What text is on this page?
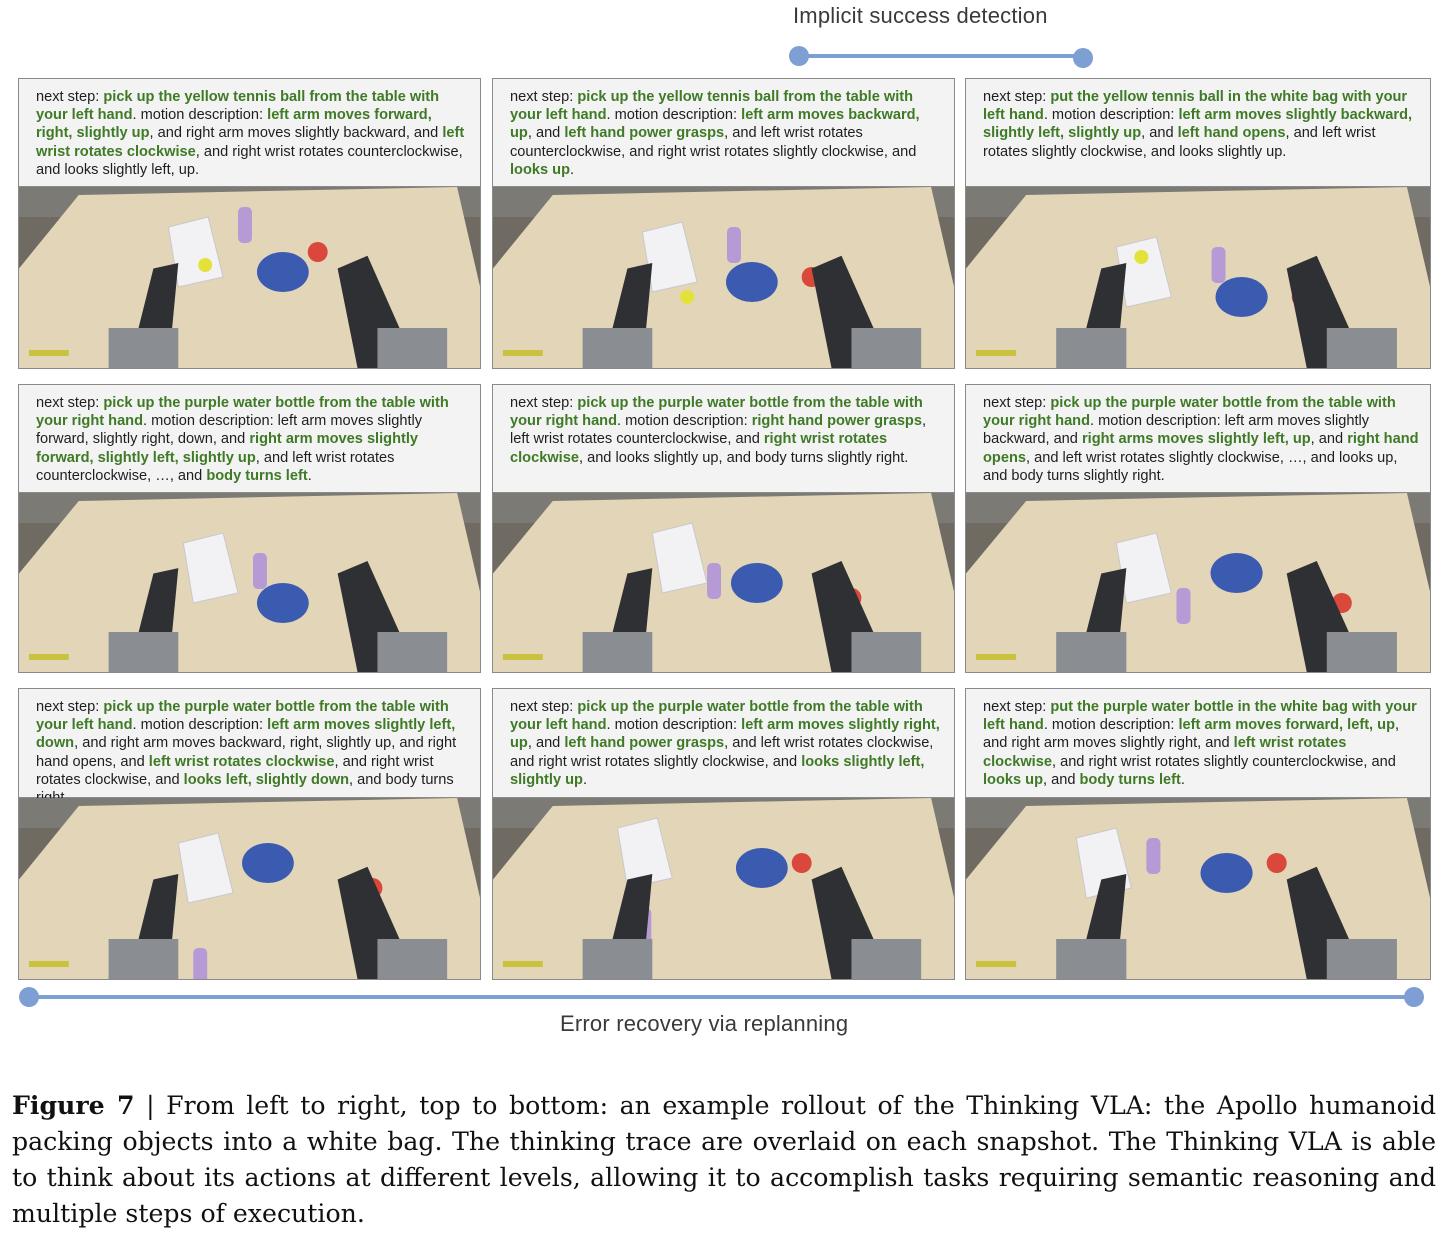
Implicit success detection
Error recovery via replanning
next step: pick up the yellow tennis ball from the table with your left hand. motion description: left arm moves forward, right, slightly up, and right arm moves slightly backward, and left wrist rotates clockwise, and right wrist rotates counterclockwise, and looks slightly left, up.
next step: pick up the yellow tennis ball from the table with your left hand. motion description: left arm moves backward, up, and left hand power grasps, and left wrist rotates counterclockwise, and right wrist rotates slightly clockwise, and looks up.
next step: put the yellow tennis ball in the white bag with your left hand. motion description: left arm moves slightly backward, slightly left, slightly up, and left hand opens, and left wrist rotates slightly clockwise, and looks slightly up.
next step: pick up the purple water bottle from the table with your right hand. motion description: left arm moves slightly forward, slightly right, down, and right arm moves slightly forward, slightly left, slightly up, and left wrist rotates counterclockwise, …, and body turns left.
next step: pick up the purple water bottle from the table with your right hand. motion description: right hand power grasps, left wrist rotates counterclockwise, and right wrist rotates clockwise, and looks slightly up, and body turns slightly right.
next step: pick up the purple water bottle from the table with your right hand. motion description: left arm moves slightly backward, and right arms moves slightly left, up, and right hand opens, and left wrist rotates slightly clockwise, …, and looks up, and body turns slightly right.
next step: pick up the purple water bottle from the table with your left hand. motion description: left arm moves slightly left, down, and right arm moves backward, right, slightly up, and right hand opens, and left wrist rotates clockwise, and right wrist rotates clockwise, and looks left, slightly down, and body turns
next step: pick up the purple water bottle from the table with your left hand. motion description: left arm moves slightly right, up, and left hand power grasps, and left wrist rotates clockwise, and right wrist rotates slightly clockwise, and looks slightly left, slightly up.
next step: put the purple water bottle in the white bag with your left hand. motion description: left arm moves forward, left, up, and right arm moves slightly right, and left wrist rotates clockwise, and right wrist rotates slightly counterclockwise, and looks up, and body turns left.
Figure 7 | From left to right, top to bottom: an example rollout of the Thinking VLA: the Apollo humanoid packing objects into a white bag. The thinking trace are overlaid on each snapshot. The Thinking VLA is able to think about its actions at different levels, allowing it to accomplish tasks requiring semantic reasoning and multiple steps of execution.
